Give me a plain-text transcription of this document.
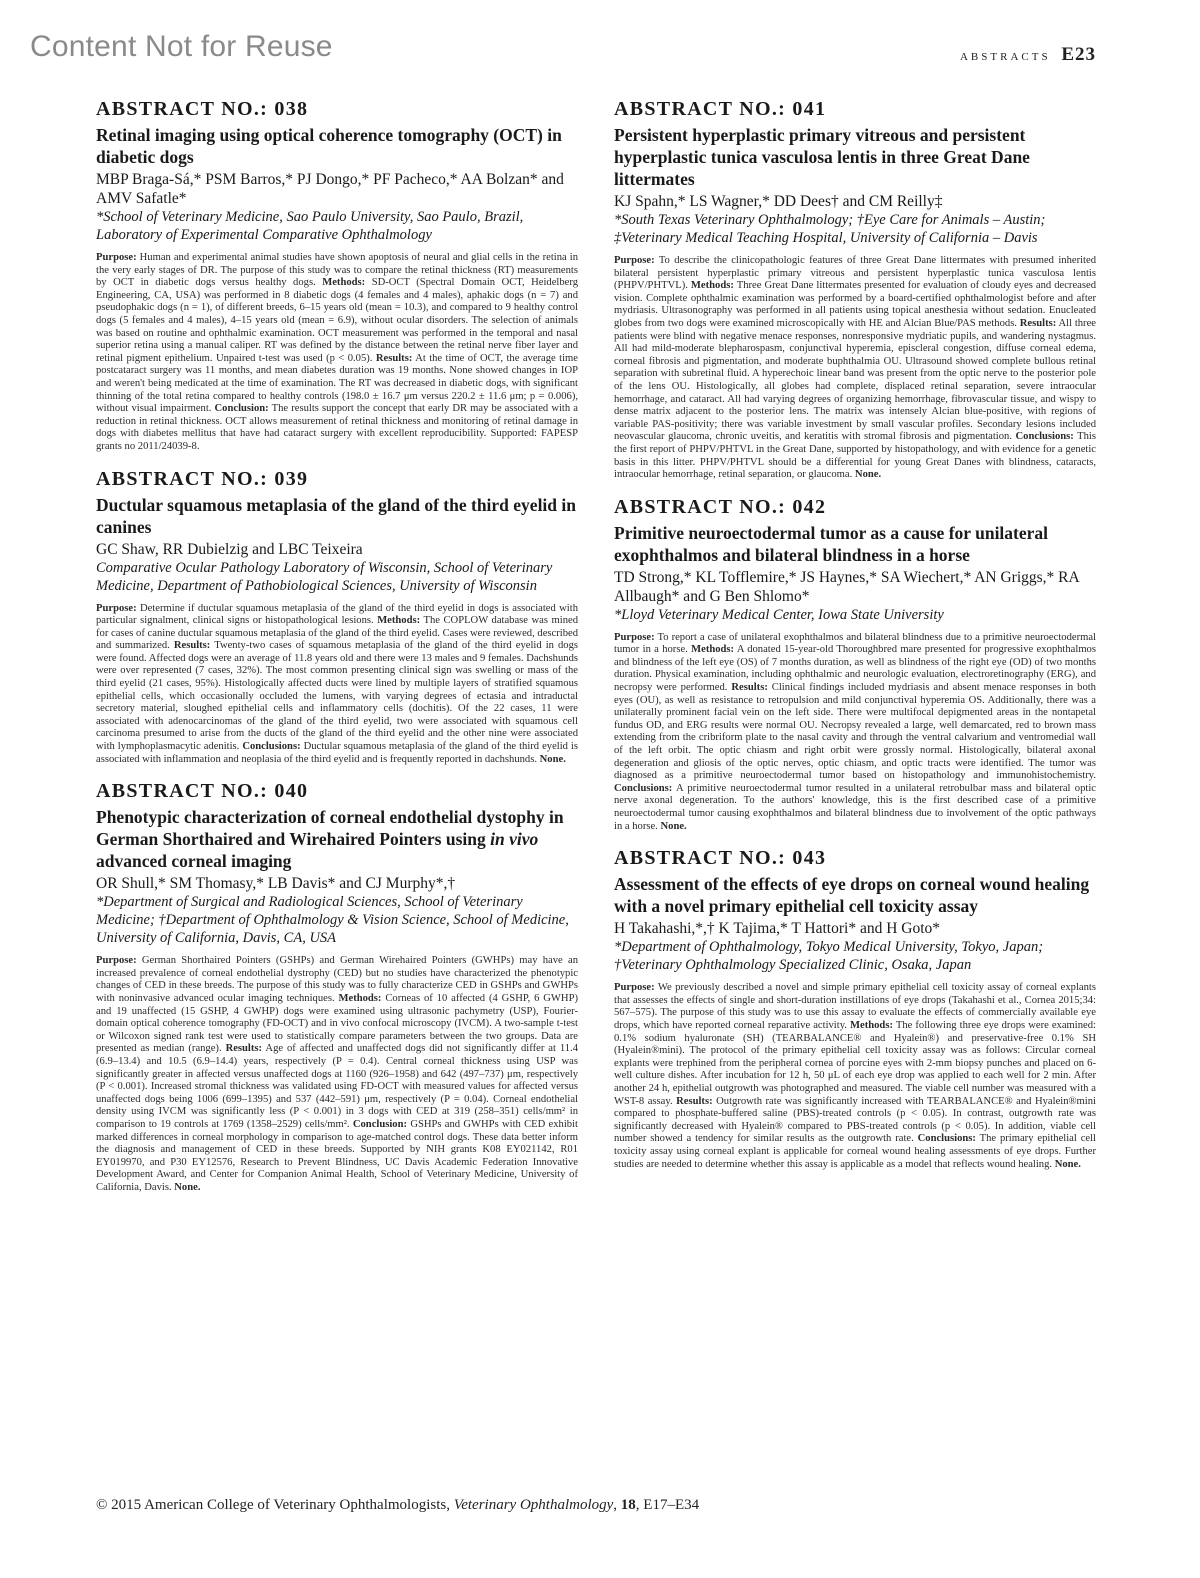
Content Not for Reuse	ABSTRACTS E23
ABSTRACT NO.: 038
Retinal imaging using optical coherence tomography (OCT) in diabetic dogs
MBP Braga-Sá,* PSM Barros,* PJ Dongo,* PF Pacheco,* AA Bolzan* and AMV Safatle*
*School of Veterinary Medicine, Sao Paulo University, Sao Paulo, Brazil, Laboratory of Experimental Comparative Ophthalmology

Purpose: Human and experimental animal studies have shown apoptosis of neural and glial cells in the retina in the very early stages of DR. The purpose of this study was to compare the retinal thickness (RT) measurements by OCT in diabetic dogs versus healthy dogs. Methods: SD-OCT (Spectral Domain OCT, Heidelberg Engineering, CA, USA) was performed in 8 diabetic dogs (4 females and 4 males), aphakic dogs (n = 7) and pseudophakic dogs (n = 1), of different breeds, 6–15 years old (mean = 10.3), and compared to 9 healthy control dogs (5 females and 4 males), 4–15 years old (mean = 6.9), without ocular disorders. The selection of animals was based on routine and ophthalmic examination. OCT measurement was performed in the temporal and nasal superior retina using a manual caliper. RT was defined by the distance between the retinal nerve fiber layer and retinal pigment epithelium. Unpaired t-test was used (p < 0.05). Results: At the time of OCT, the average time postcataract surgery was 11 months, and mean diabetes duration was 19 months. None showed changes in IOP and weren't being medicated at the time of examination. The RT was decreased in diabetic dogs, with significant thinning of the total retina compared to healthy controls (198.0 ± 16.7 μm versus 220.2 ± 11.6 μm; p = 0.006), without visual impairment. Conclusion: The results support the concept that early DR may be associated with a reduction in retinal thickness. OCT allows measurement of retinal thickness and monitoring of retinal damage in dogs with diabetes mellitus that have had cataract surgery with excellent reproducibility. Supported: FAPESP grants no 2011/24039-8.

ABSTRACT NO.: 039
Ductular squamous metaplasia of the gland of the third eyelid in canines
GC Shaw, RR Dubielzig and LBC Teixeira
Comparative Ocular Pathology Laboratory of Wisconsin, School of Veterinary Medicine, Department of Pathobiological Sciences, University of Wisconsin

Purpose: Determine if ductular squamous metaplasia of the gland of the third eyelid in dogs is associated with particular signalment, clinical signs or histopathological lesions. Methods: The COPLOW database was mined for cases of canine ductular squamous metaplasia of the gland of the third eyelid. Cases were reviewed, described and summarized. Results: Twenty-two cases of squamous metaplasia of the gland of the third eyelid in dogs were found. Affected dogs were an average of 11.8 years old and there were 13 males and 9 females. Dachshunds were over represented (7 cases, 32%). The most common presenting clinical sign was swelling or mass of the third eyelid (21 cases, 95%). Histologically affected ducts were lined by multiple layers of stratified squamous epithelial cells, which occasionally occluded the lumens, with varying degrees of ectasia and intraductal secretory material, sloughed epithelial cells and inflammatory cells (dochitis). Of the 22 cases, 11 were associated with adenocarcinomas of the gland of the third eyelid, two were associated with squamous cell carcinoma presumed to arise from the ducts of the gland of the third eyelid and the other nine were associated with lymphoplasmacytic adenitis. Conclusions: Ductular squamous metaplasia of the gland of the third eyelid is associated with inflammation and neoplasia of the third eyelid and is frequently reported in dachshunds. None.

ABSTRACT NO.: 040
Phenotypic characterization of corneal endothelial dystophy in German Shorthaired and Wirehaired Pointers using in vivo advanced corneal imaging
OR Shull,* SM Thomasy,* LB Davis* and CJ Murphy*,†
*Department of Surgical and Radiological Sciences, School of Veterinary Medicine; †Department of Ophthalmology & Vision Science, School of Medicine, University of California, Davis, CA, USA

Purpose: German Shorthaired Pointers (GSHPs) and German Wirehaired Pointers (GWHPs) may have an increased prevalence of corneal endothelial dystrophy (CED) but no studies have characterized the phenotypic changes of CED in these breeds. The purpose of this study was to fully characterize CED in GSHPs and GWHPs with noninvasive advanced ocular imaging techniques. Methods: Corneas of 10 affected (4 GSHP, 6 GWHP) and 19 unaffected (15 GSHP, 4 GWHP) dogs were examined using ultrasonic pachymetry (USP), Fourier-domain optical coherence tomography (FD-OCT) and in vivo confocal microscopy (IVCM). A two-sample t-test or Wilcoxon signed rank test were used to statistically compare parameters between the two groups. Data are presented as median (range). Results: Age of affected and unaffected dogs did not significantly differ at 11.4 (6.9–13.4) and 10.5 (6.9–14.4) years, respectively (P = 0.4). Central corneal thickness using USP was significantly greater in affected versus unaffected dogs at 1160 (926–1958) and 642 (497–737) μm, respectively (P < 0.001). Increased stromal thickness was validated using FD-OCT with measured values for affected versus unaffected dogs being 1006 (699–1395) and 537 (442–591) μm, respectively (P = 0.04). Corneal endothelial density using IVCM was significantly less (P < 0.001) in 3 dogs with CED at 319 (258–351) cells/mm² in comparison to 19 controls at 1769 (1358–2529) cells/mm². Conclusion: GSHPs and GWHPs with CED exhibit marked differences in corneal morphology in comparison to age-matched control dogs. These data better inform the diagnosis and management of CED in these breeds. Supported by NIH grants K08 EY021142, R01 EY019970, and P30 EY12576, Research to Prevent Blindness, UC Davis Academic Federation Innovative Development Award, and Center for Companion Animal Health, School of Veterinary Medicine, University of California, Davis. None.

ABSTRACT NO.: 041
Persistent hyperplastic primary vitreous and persistent hyperplastic tunica vasculosa lentis in three Great Dane littermates
KJ Spahn,* LS Wagner,* DD Dees† and CM Reilly‡
*South Texas Veterinary Ophthalmology; †Eye Care for Animals – Austin; ‡Veterinary Medical Teaching Hospital, University of California – Davis

Purpose: To describe the clinicopathologic features of three Great Dane littermates with presumed inherited bilateral persistent hyperplastic primary vitreous and persistent hyperplastic tunica vasculosa lentis (PHPV/PHTVL). Methods: Three Great Dane littermates presented for evaluation of cloudy eyes and decreased vision. Complete ophthalmic examination was performed by a board-certified ophthalmologist before and after mydriasis. Ultrasonography was performed in all patients using topical anesthesia without sedation. Enucleated globes from two dogs were examined microscopically with HE and Alcian Blue/PAS methods. Results: All three patients were blind with negative menace responses, nonresponsive mydriatic pupils, and wandering nystagmus. All had mild-moderate blepharospasm, conjunctival hyperemia, episcleral congestion, diffuse corneal edema, corneal fibrosis and pigmentation, and moderate buphthalmia OU. Ultrasound showed complete bullous retinal separation with subretinal fluid. A hyperechoic linear band was present from the optic nerve to the posterior pole of the lens OU. Histologically, all globes had complete, displaced retinal separation, severe intraocular hemorrhage, and cataract. All had varying degrees of organizing hemorrhage, fibrovascular tissue, and wispy to dense matrix adjacent to the posterior lens. The matrix was intensely Alcian blue-positive, with regions of variable PAS-positivity; there was variable investment by small vascular profiles. Secondary lesions included neovascular glaucoma, chronic uveitis, and keratitis with stromal fibrosis and pigmentation. Conclusions: This the first report of PHPV/PHTVL in the Great Dane, supported by histopathology, and with evidence for a genetic basis in this litter. PHPV/PHTVL should be a differential for young Great Danes with blindness, cataracts, intraocular hemorrhage, retinal separation, or glaucoma. None.

ABSTRACT NO.: 042
Primitive neuroectodermal tumor as a cause for unilateral exophthalmos and bilateral blindness in a horse
TD Strong,* KL Tofflemire,* JS Haynes,* SA Wiechert,* AN Griggs,* RA Allbaugh* and G Ben Shlomo*
*Lloyd Veterinary Medical Center, Iowa State University

Purpose: To report a case of unilateral exophthalmos and bilateral blindness due to a primitive neuroectodermal tumor in a horse. Methods: A donated 15-year-old Thoroughbred mare presented for progressive exophthalmos and blindness of the left eye (OS) of 7 months duration, as well as blindness of the right eye (OD) of two months duration. Physical examination, including ophthalmic and neurologic evaluation, electroretinography (ERG), and necropsy were performed. Results: Clinical findings included mydriasis and absent menace responses in both eyes (OU), as well as resistance to retropulsion and mild conjunctival hyperemia OS. Additionally, there was a unilaterally prominent facial vein on the left side. There were multifocal depigmented areas in the nontapetal fundus OD, and ERG results were normal OU. Necropsy revealed a large, well demarcated, red to brown mass extending from the cribriform plate to the nasal cavity and through the ventral calvarium and ventromedial wall of the left orbit. The optic chiasm and right orbit were grossly normal. Histologically, bilateral axonal degeneration and gliosis of the optic nerves, optic chiasm, and optic tracts were identified. The tumor was diagnosed as a primitive neuroectodermal tumor based on histopathology and immunohistochemistry. Conclusions: A primitive neuroectodermal tumor resulted in a unilateral retrobulbar mass and bilateral optic nerve axonal degeneration. To the authors' knowledge, this is the first described case of a primitive neuroectodermal tumor causing exophthalmos and bilateral blindness due to involvement of the optic pathways in a horse. None.

ABSTRACT NO.: 043
Assessment of the effects of eye drops on corneal wound healing with a novel primary epithelial cell toxicity assay
H Takahashi,*,† K Tajima,* T Hattori* and H Goto*
*Department of Ophthalmology, Tokyo Medical University, Tokyo, Japan; †Veterinary Ophthalmology Specialized Clinic, Osaka, Japan

Purpose: We previously described a novel and simple primary epithelial cell toxicity assay of corneal explants that assesses the effects of single and short-duration instillations of eye drops (Takahashi et al., Cornea 2015;34: 567–575). The purpose of this study was to use this assay to evaluate the effects of commercially available eye drops, which have reported corneal reparative activity. Methods: The following three eye drops were examined: 0.1% sodium hyaluronate (SH) (TEARBALANCE® and Hyalein®) and preservative-free 0.1% SH (Hyalein®mini). The protocol of the primary epithelial cell toxicity assay was as follows: Circular corneal explants were trephined from the peripheral cornea of porcine eyes with 2-mm biopsy punches and placed on 6-well culture dishes. After incubation for 12 h, 50 μL of each eye drop was applied to each well for 2 min. After another 24 h, epithelial outgrowth was photographed and measured. The viable cell number was measured with a WST-8 assay. Results: Outgrowth rate was significantly increased with TEARBALANCE® and Hyalein®mini compared to phosphate-buffered saline (PBS)-treated controls (p < 0.05). In contrast, outgrowth rate was significantly decreased with Hyalein® compared to PBS-treated controls (p < 0.05). In addition, viable cell number showed a tendency for similar results as the outgrowth rate. Conclusions: The primary epithelial cell toxicity assay using corneal explant is applicable for corneal wound healing assessments of eye drops. Further studies are needed to determine whether this assay is applicable as a model that reflects wound healing. None.

© 2015 American College of Veterinary Ophthalmologists, Veterinary Ophthalmology, 18, E17–E34
